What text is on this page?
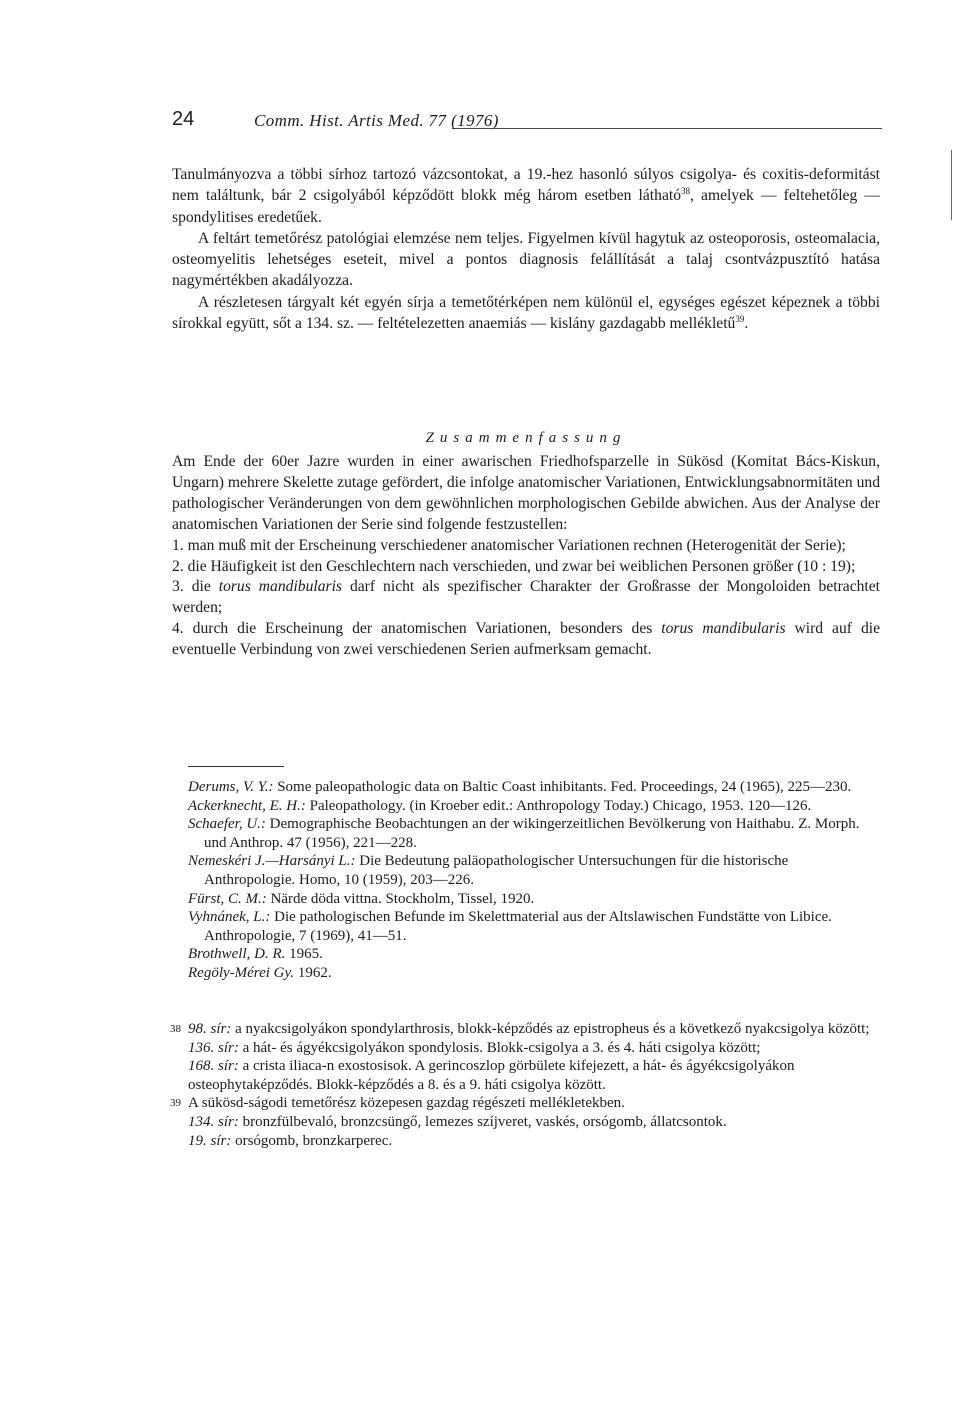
24	Comm. Hist. Artis Med. 77 (1976)

Tanulmányozva a többi sírhoz tartozó vázcsontokat, a 19.-hez hasonló súlyos csigolya- és coxitis-deformitást nem találtunk, bár 2 csigolyából képződött blokk még három esetben látható$^{38}$, amelyek — feltehetőleg — spondylitises eredetűek.

A feltárt temetőrész patológiai elemzése nem teljes. Figyelmen kívül hagytuk az osteoporosis, osteomalacia, osteomyelitis lehetséges eseteit, mivel a pontos diagnosis felállítását a talaj csontvázpusztító hatása nagymértékben akadályozza.

A részletesen tárgyalt két egyén sírja a temetőtérképen nem különül el, egységes egészet képeznek a többi sírokkal együtt, sőt a 134. sz. — feltételezetten anaemiás — kislány gazdagabb mellékletű$^{39}$.

Zusammenfassung

Am Ende der 60er Jazre wurden in einer awarischen Friedhofsparzelle in Sükösd (Komitat Bács-Kiskun, Ungarn) mehrere Skelette zutage gefördert, die infolge anatomischer Variationen, Entwicklungsabnormitäten und pathologischer Veränderungen von dem gewöhnlichen morphologischen Gebilde abwichen. Aus der Analyse der anatomischen Variationen der Serie sind folgende festzustellen:

1. man muß mit der Erscheinung verschiedener anatomischer Variationen rechnen (Heterogenität der Serie);

2. die Häufigkeit ist den Geschlechtern nach verschieden, und zwar bei weiblichen Personen größer (10 : 19);

3. die torus mandibularis darf nicht als spezifischer Charakter der Großrasse der Mongoloiden betrachtet werden;

4. durch die Erscheinung der anatomischen Variationen, besonders des torus mandibularis wird auf die eventuelle Verbindung von zwei verschiedenen Serien aufmerksam gemacht.

Derums, V. Y.: Some paleopathologic data on Baltic Coast inhibitants. Fed. Proceedings, 24 (1965), 225—230.

Ackerknecht, E. H.: Paleopathology. (in Kroeber edit.: Anthropology Today.) Chicago, 1953. 120—126.

Schaefer, U.: Demographische Beobachtungen an der wikingerzeitlichen Bevölkerung von Haithabu. Z. Morph. und Anthrop. 47 (1956), 221—228.

Nemeskéri J.—Harsányi L.: Die Bedeutung paläopathologischer Untersuchungen für die historische Anthropologie. Homo, 10 (1959), 203—226.

Fürst, C. M.: Närde döda vittna. Stockholm, Tissel, 1920.

Vyhnánek, L.: Die pathologischen Befunde im Skelettmaterial aus der Altslawischen Fundstätte von Libice. Anthropologie, 7 (1969), 41—51.

Brothwell, D. R. 1965.

Regöly-Mérei Gy. 1962.

38 98. sír: a nyakcsigolyákon spondylarthrosis, blokk-képződés az epistropheus és a következő nyakcsigolya között;

136. sír: a hát- és ágyékcsigolyákon spondylosis. Blokk-csigolya a 3. és 4. háti csigolya között;

168. sír: a crista iliaca-n exostosisok. A gerincoszlop görbülete kifejezett, a hát- és ágyékcsigolyákon osteophytaképződés. Blokk-képződés a 8. és a 9. háti csigolya között.

39 A sükösd-ságodi temetőrész közepesen gazdag régészeti mellékletekben.

134. sír: bronzfülbevaló, bronzcsüngő, lemezes szíjveret, vaskés, orsógomb, állatcsontok.

19. sír: orsógomb, bronzkarperec.
